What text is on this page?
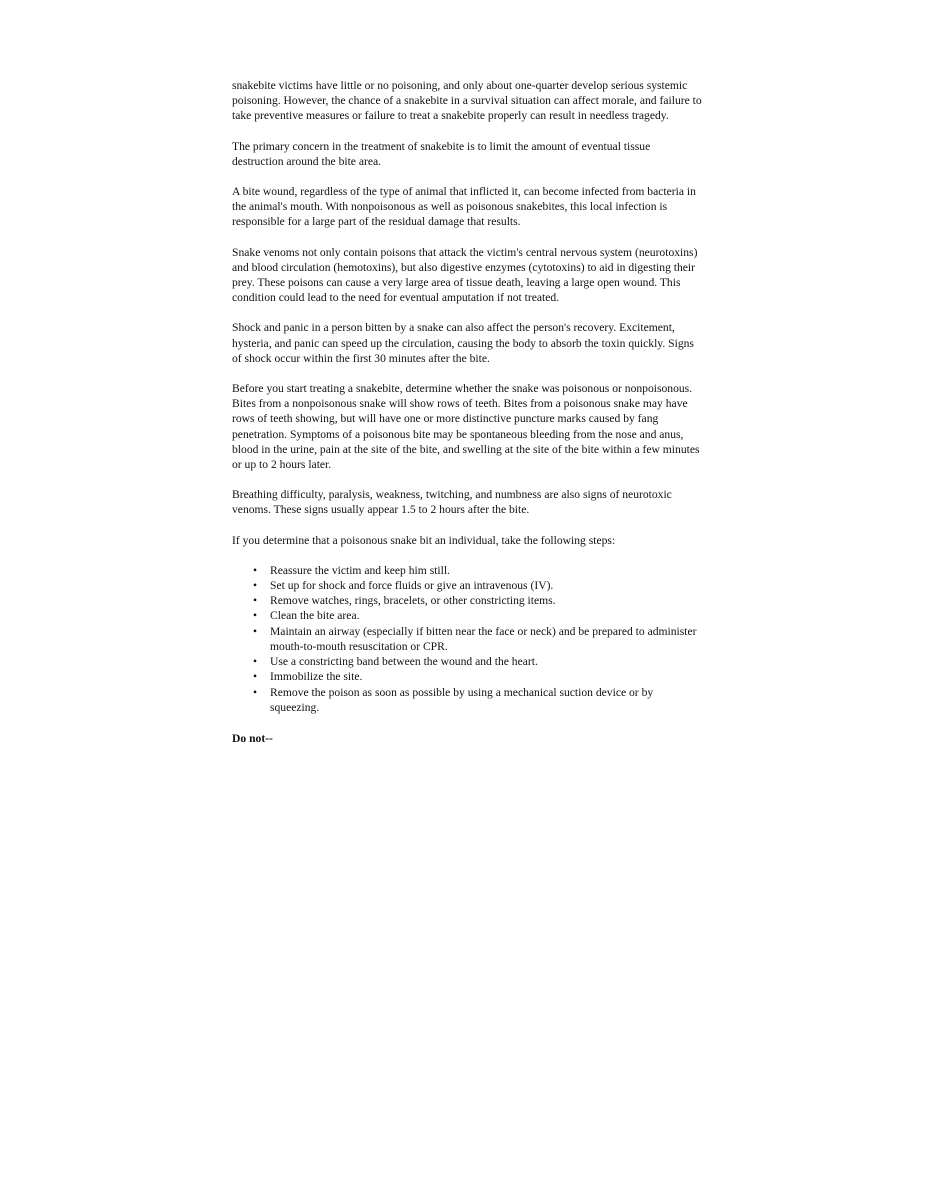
snakebite victims have little or no poisoning, and only about one-quarter develop serious systemic poisoning. However, the chance of a snakebite in a survival situation can affect morale, and failure to take preventive measures or failure to treat a snakebite properly can result in needless tragedy.

The primary concern in the treatment of snakebite is to limit the amount of eventual tissue destruction around the bite area.

A bite wound, regardless of the type of animal that inflicted it, can become infected from bacteria in the animal's mouth. With nonpoisonous as well as poisonous snakebites, this local infection is responsible for a large part of the residual damage that results.

Snake venoms not only contain poisons that attack the victim's central nervous system (neurotoxins) and blood circulation (hemotoxins), but also digestive enzymes (cytotoxins) to aid in digesting their prey. These poisons can cause a very large area of tissue death, leaving a large open wound. This condition could lead to the need for eventual amputation if not treated.

Shock and panic in a person bitten by a snake can also affect the person's recovery. Excitement, hysteria, and panic can speed up the circulation, causing the body to absorb the toxin quickly. Signs of shock occur within the first 30 minutes after the bite.

Before you start treating a snakebite, determine whether the snake was poisonous or nonpoisonous. Bites from a nonpoisonous snake will show rows of teeth. Bites from a poisonous snake may have rows of teeth showing, but will have one or more distinctive puncture marks caused by fang penetration. Symptoms of a poisonous bite may be spontaneous bleeding from the nose and anus, blood in the urine, pain at the site of the bite, and swelling at the site of the bite within a few minutes or up to 2 hours later.

Breathing difficulty, paralysis, weakness, twitching, and numbness are also signs of neurotoxic venoms. These signs usually appear 1.5 to 2 hours after the bite.

If you determine that a poisonous snake bit an individual, take the following steps:

• Reassure the victim and keep him still.
• Set up for shock and force fluids or give an intravenous (IV).
• Remove watches, rings, bracelets, or other constricting items.
• Clean the bite area.
• Maintain an airway (especially if bitten near the face or neck) and be prepared to administer mouth-to-mouth resuscitation or CPR.
• Use a constricting band between the wound and the heart.
• Immobilize the site.
• Remove the poison as soon as possible by using a mechanical suction device or by squeezing.

Do not--
